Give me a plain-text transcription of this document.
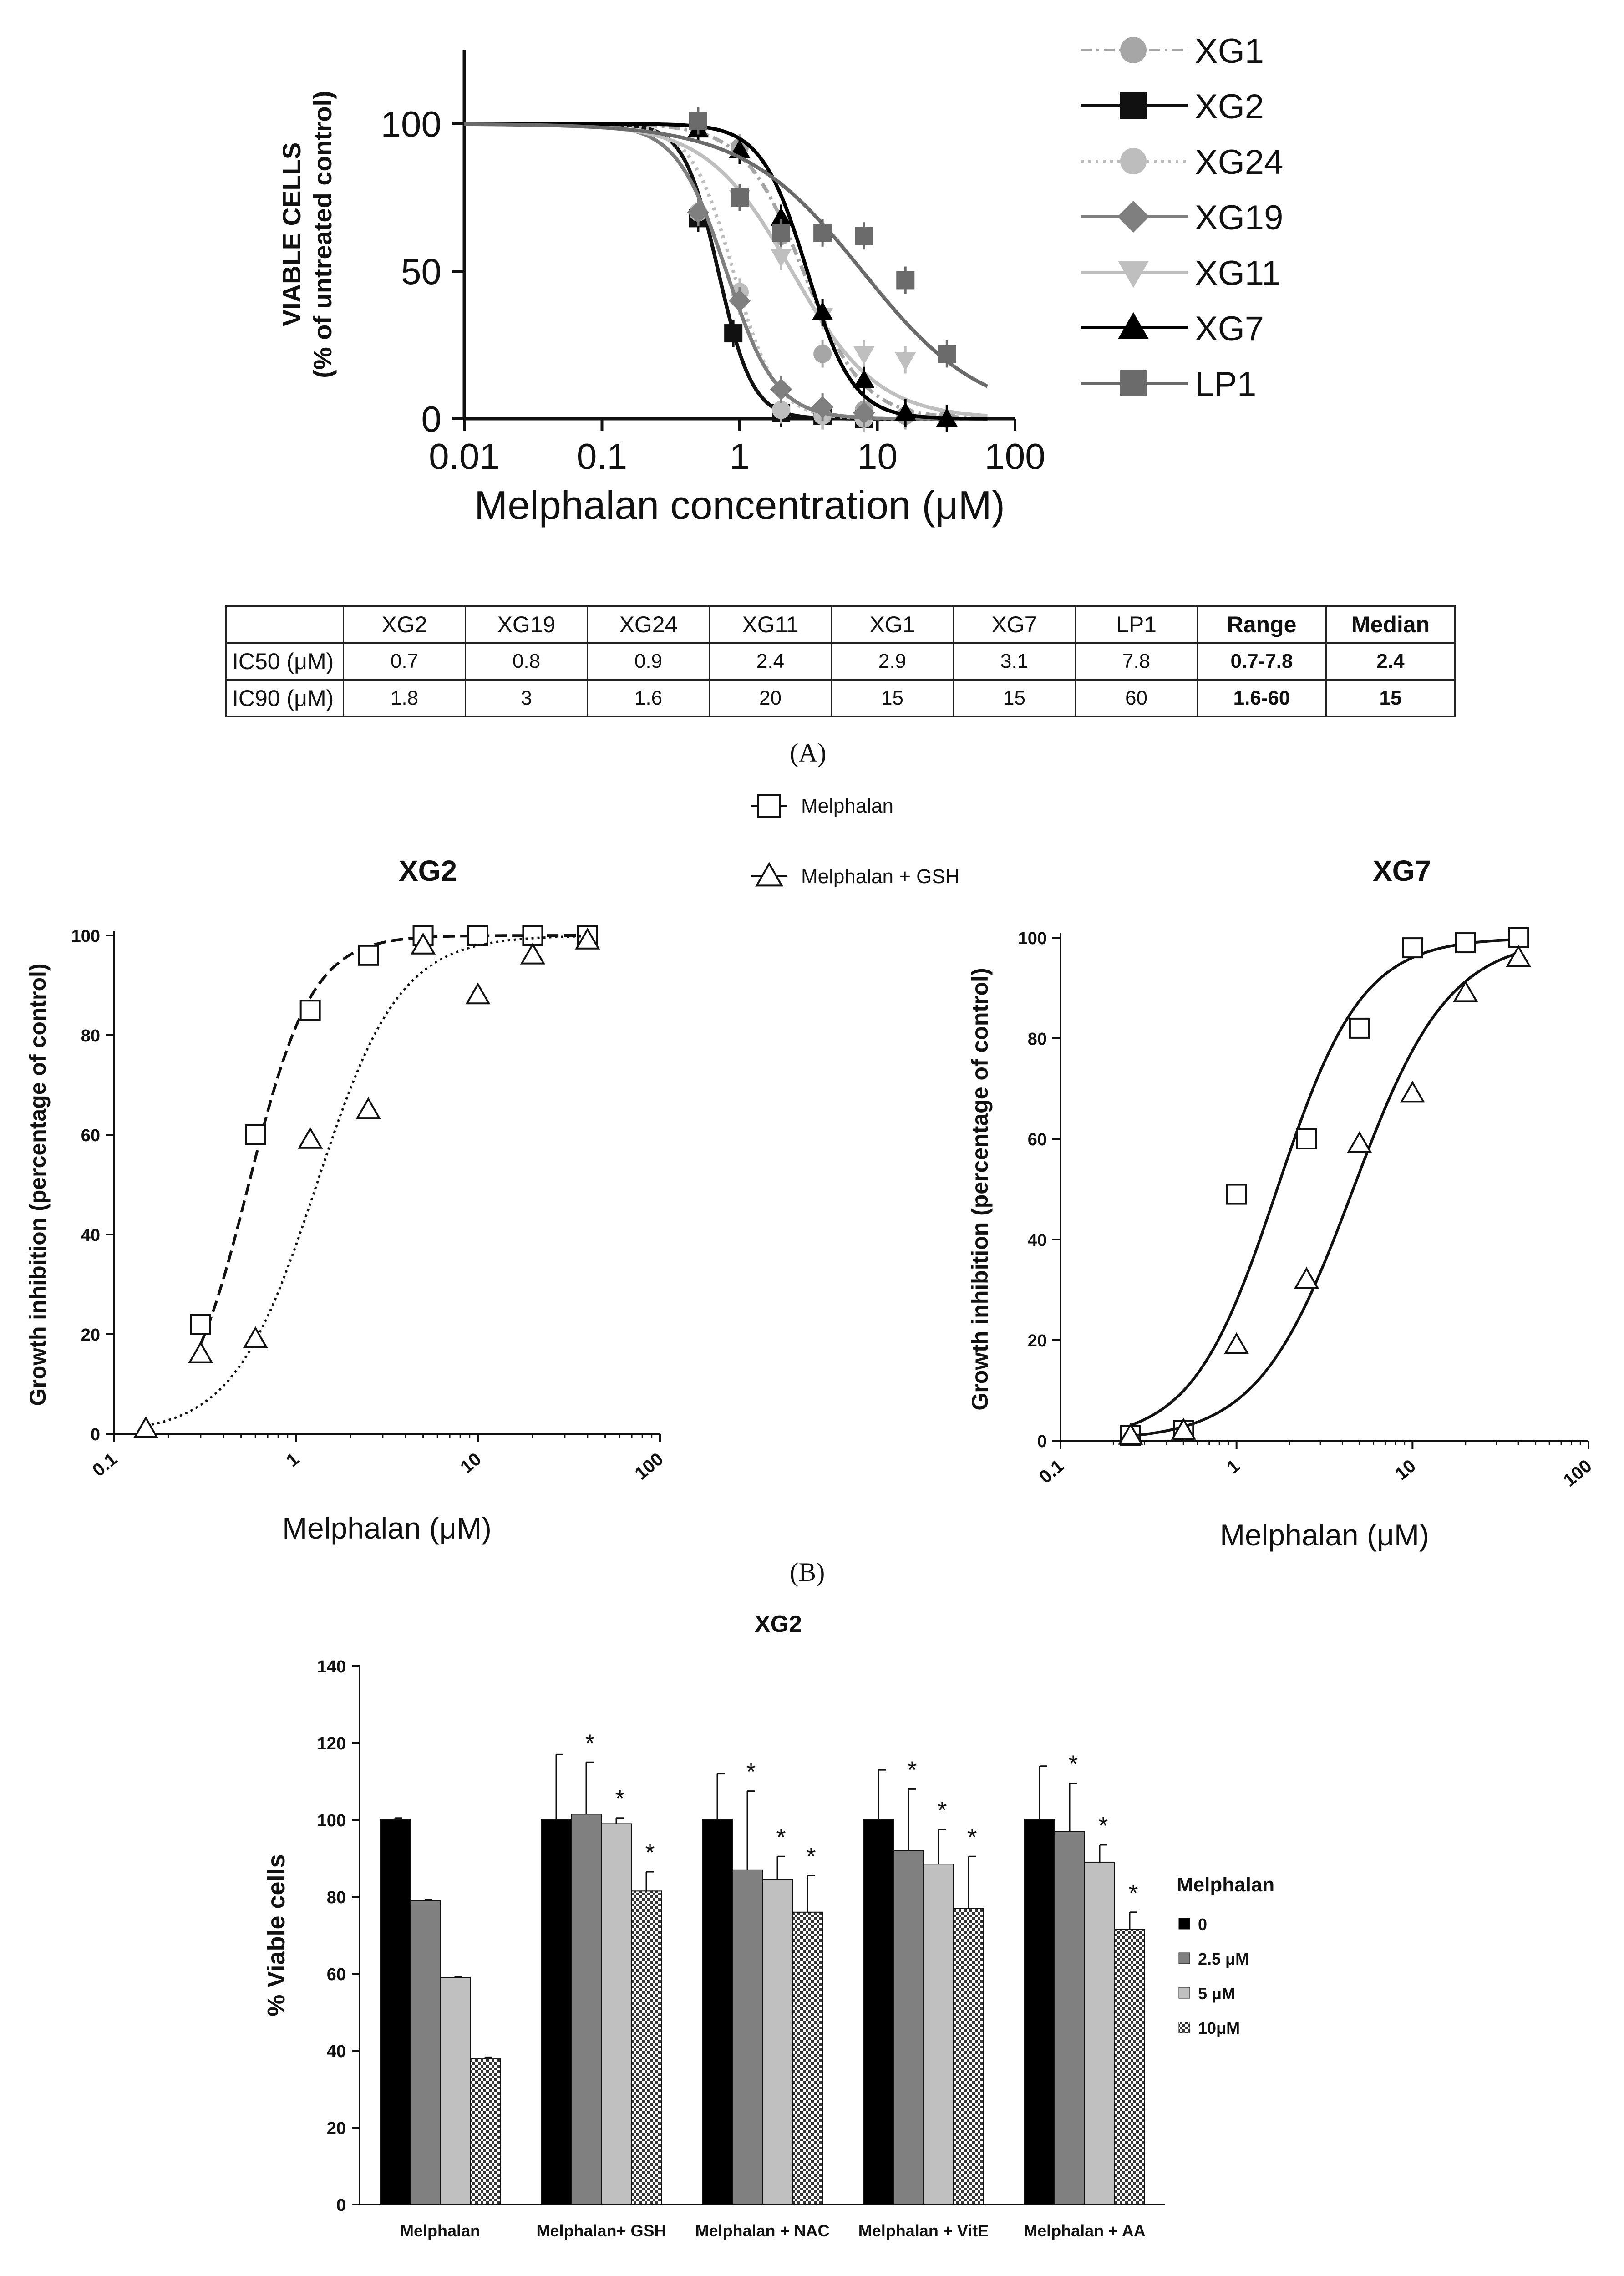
0.01 0.1	1	10 100
0
50
100
Melphalan concentration (μM)
VIABLE CELLS(% of untreated control)
XG1
XG2
XG24
XG19
XG11
XG7
LP1
XG2
0
20
40
60
80
100
0.1	1	10	100
Melphalan (μM)
Growth inhibition (percentage of control)
XG7
0
20
40
60
80
100
0.1	1	10	100
Melphalan (μM)
Growth inhibition (percentage of control)
Melphalan
Melphalan + GSH
XG2
0
20
40
60
80
100
120
140
% Viable cells
Melphalan
*
*
*
Melphalan+ GSH
*
*
*
Melphalan + NAC
*
*
*
Melphalan + VitE
*
*
*
Melphalan + AA
Melphalan
0
2.5 μM
5 μM
10μM
	XG2	XG19	XG24	XG11	XG1	XG7	LP1	Range	Median
IC50 (μM)	0.7	0.8	0.9	2.4	2.9	3.1	7.8	0.7-7.8	2.4
IC90 (μM)	1.8	3	1.6	20	15	15	60	1.6-60	15
(A)
(B)
